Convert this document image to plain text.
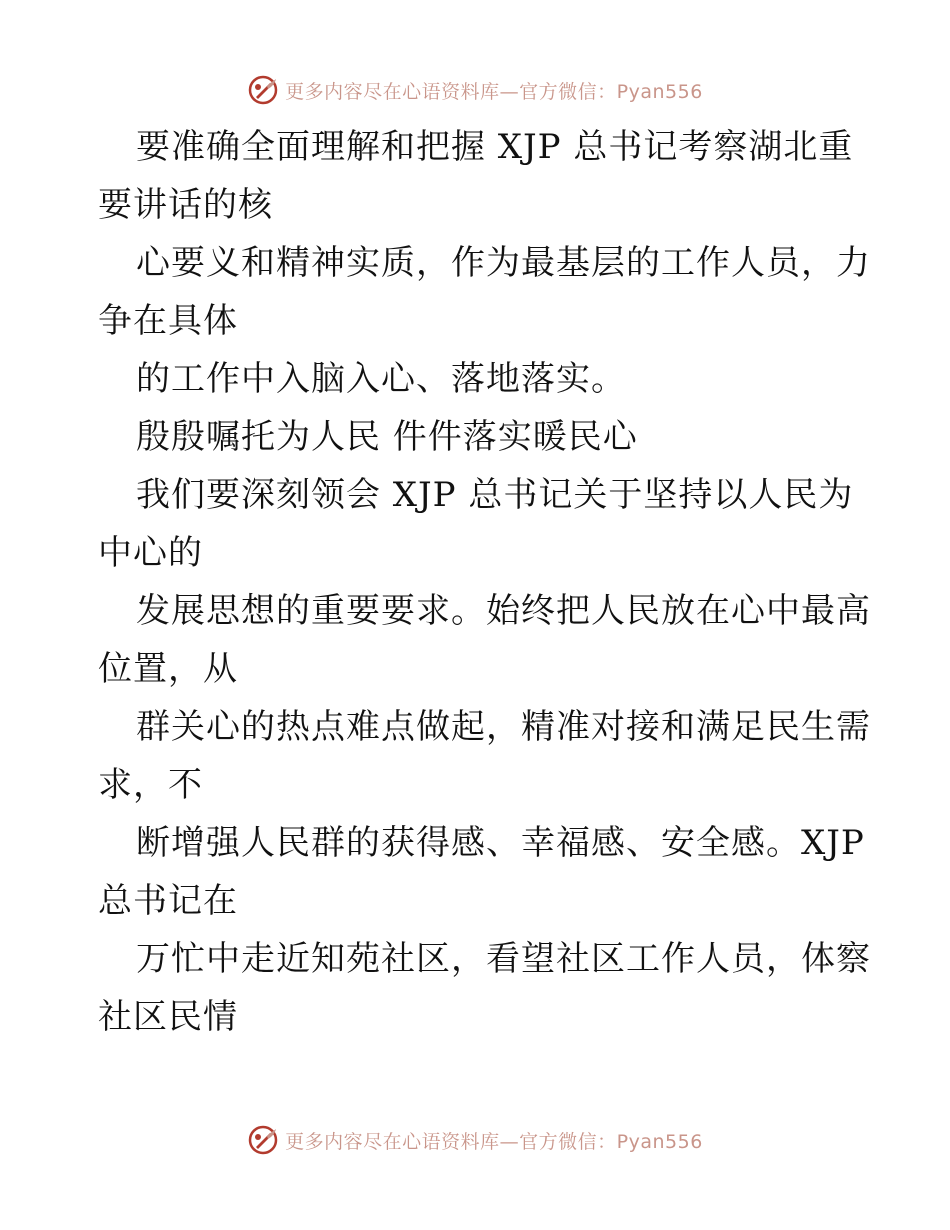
更多内容尽在心语资料库—官方微信：Pyan556
要准确全面理解和把握 XJP 总书记考察湖北重
要讲话的核
心要义和精神实质，作为最基层的工作人员，力
争在具体
的工作中入脑入心、落地落实。
殷殷嘱托为人民 件件落实暖民心
我们要深刻领会 XJP 总书记关于坚持以人民为
中心的
发展思想的重要要求。始终把人民放在心中最高
位置，从
群关心的热点难点做起，精准对接和满足民生需
求，不
断增强人民群的获得感、幸福感、安全感。XJP
总书记在
万忙中走近知苑社区，看望社区工作人员，体察
社区民情
更多内容尽在心语资料库—官方微信：Pyan556
